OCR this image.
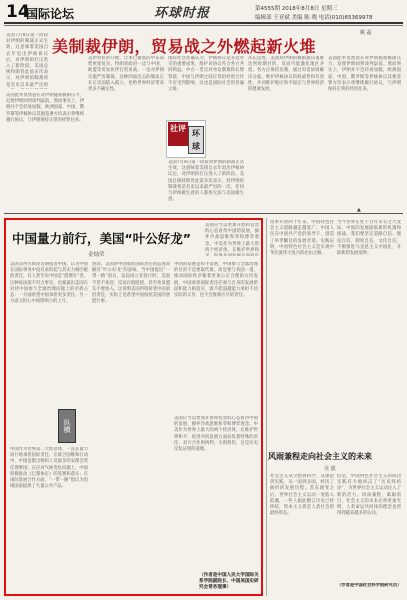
14
国际论坛	环球时报	第4555期 2018年8月8日 星期三
编辑部 王亚斌 美编 陈 晓 电话(010)65369978
美制裁伊朗，贸易战之外燃起新火堆
姚 磊
美国7月8日第一阶段对伊朗的制裁正式生效，这意味着美国自去年退出伊核协议后，对伊朗的打压进入了新阶段。美国总统特朗普此前多次表示，对伊朗的制裁将是有史以来最严厉的
美国此举显然意在对伊朗施加极限压力，迫使伊朗回到谈判桌前。然而事实上，伊朗并不会轻易屈服，欧洲国家、中国、俄罗斯等伊核协议其他签署方均表示将继续履行协议，与伊朗保持正常的经贸往来。
美伊对抗的升级，让本已紧张的中东局势更加复杂。特朗普政府一边与中国、欧盟等贸易伙伴打贸易战，一边对伊朗实施严厉制裁，这种四面出击的做法正在让美国陷入孤立，也给世界经济带来更多不确定性。
国际社会普遍认为，伊核协议是多边外交的重要成果，维护该协议符合各方共同利益。中方一贯反对单边制裁和长臂管辖，中国与伊朗之间正常的经贸合作不应受到影响，这也是国际社会的普遍立场。
美国7月8日第一阶段对伊朗的制裁正式生效，这意味着美国自去年退出伊核协议后，对伊朗的打压进入了新阶段。美国总统特朗普此前多次表示，对伊朗的制裁将是有史以来最严厉的一次，任何与伊朗做生意的人都将无法与美国做生意。
从长远看，美国对伊朗的极限施压很难达到预期目的，反而可能激化地区矛盾。各方应保持克制，通过对话协商解决分歧，维护伊核协议的权威性和有效性，共同维护地区和平稳定与世界经济的健康发展。
美国此举显然意在对伊朗施加极限压力，迫使伊朗回到谈判桌前。然而事实上，伊朗并不会轻易屈服，欧洲国家、中国、俄罗斯等伊核协议其他签署方均表示将继续履行协议，与伊朗保持正常的经贸往来。
社评 环球
▲
中国量力前行，美国“叶公好龙”
金灿荣
美国应当以更加开放和包容的心态看待中国的发展，摒弃冷战思维和零和博弈观念。中美作为世界上最大的两个经济体，在维护世界和
美国等西方舆论近期指责中国，认为中国在国际事务中没有承担起与其实力相匹配的责任，有人甚至说中国是“搭便车”者。这种说法既不符合事实，也暴露出美国在对待中国参与全球治理问题上的矛盾心态：一方面希望中国承担更多责任，另一方面又担心中国影响力的上升。
纵横
中国作为世界第二大经济体，一直在量力而行地承担国际责任。在联合国维和行动中，中国是派出维和人员最多的安理会常任理事国；在应对气候变化问题上，中国积极推动《巴黎协定》的签署和落实；在国际发展合作方面，“一带一路”倡议为沿线国家提供了大量公共产品。
然而，美国对中国承担国际责任的态度却颇有“叶公好龙”的意味。当中国提出“一带一路”倡议、发起成立亚投行时，美国不但不欢迎，反而百般阻挠，甚至劝说盟友不要加入。这说明美国所谓希望中国承担责任，实际上是希望中国按照美国的意愿行事。
中国的发展是和平发展，中国参与全球治理的目的不是要取代谁，而是要与各国一道，推动国际秩序朝着更加公正合理的方向发展。中国承担国际责任必须与自身的发展阶段和能力相适应，既不能超越能力承担不切实际的义务，也不会推卸应尽的责任。
美国应当以更加开放和包容的心态看待中国的发展，摒弃冷战思维和零和博弈观念。中美作为世界上最大的两个经济体，在维护世界和平、促进共同发展方面肩负着特殊的责任，双方合作则两利，斗则俱伤，这是历史反复证明的道理。
（作者是中国人民大学国际关系学院副院长、中国美国史研究会常务理事）
改革开放四十年来，中国特色社会主义道路越走越宽广，中国人民在中国共产党的领导下，创造了举世瞩目的发展奇迹。实践证明，中国特色社会主义是实现中华民族伟大复兴的必由之路。
当今世界正处于百年未有之大变局，中国的发展面临新的机遇和挑战。我们要坚定道路自信、理论自信、制度自信、文化自信，不断推进马克思主义中国化，开辟新的发展境界。
风雨兼程走向社会主义的未来
吴 波
社会主义从空想到科学，从理论到实践，从一国到多国，经历了曲折的发展历程。苏东剧变之后，世界社会主义运动一度陷入低潮，一些人据此断言历史已经终结，资本主义将是人类社会的最终形态。
但是，中国特色社会主义的成功实践有力地回击了“历史终结论”，为世界社会主义运动注入了新的活力。风雨兼程，砥砺前行，社会主义的未来必将更加光明，人类命运共同体的理念也将得到越来越多的认同。
（作者是中国社会科学院研究员）
